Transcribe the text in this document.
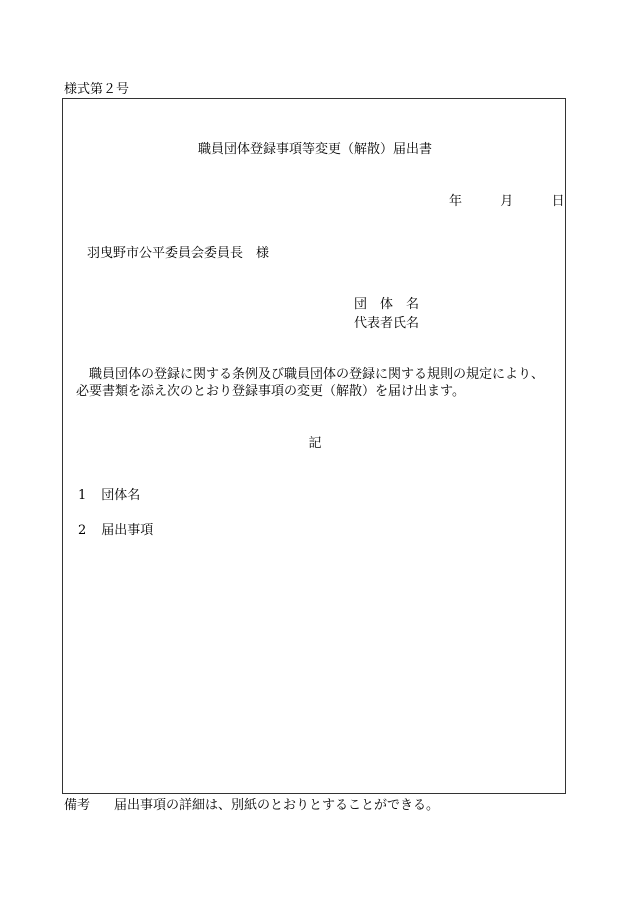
様式第２号
職員団体登録事項等変更（解散）届出書
年	月	日
羽曳野市公平委員会委員長　様
団　体　名
代表者氏名
職員団体の登録に関する条例及び職員団体の登録に関する規則の規定により、
必要書類を添え次のとおり登録事項の変更（解散）を届け出ます。
記
1 団体名
2 届出事項
備考 届出事項の詳細は、別紙のとおりとすることができる。
